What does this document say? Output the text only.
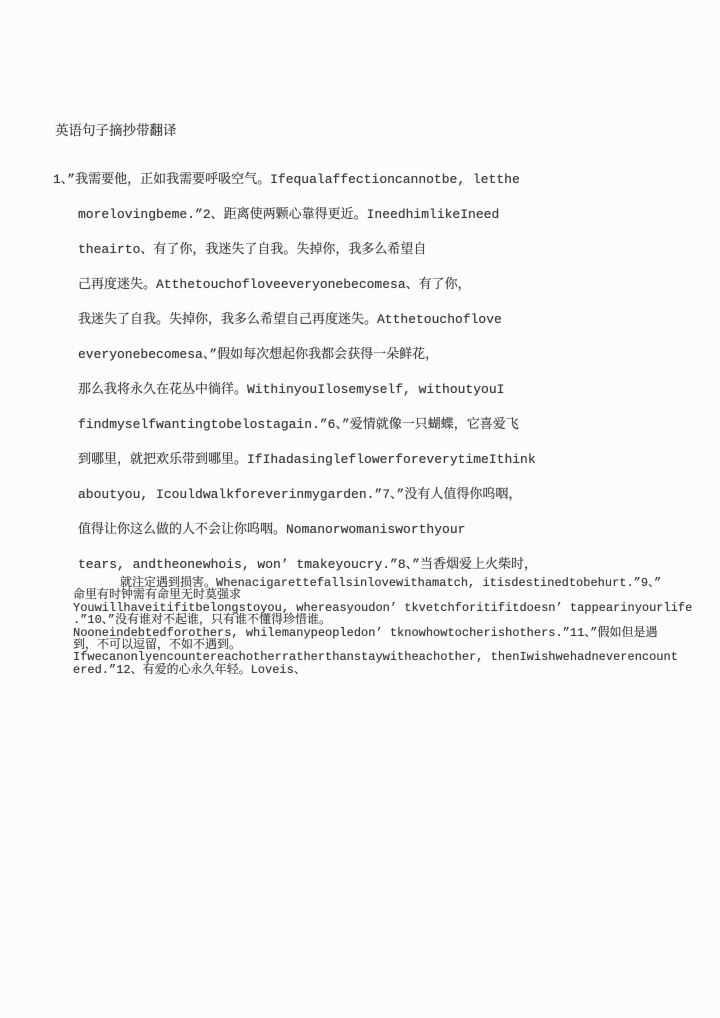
英语句子摘抄带翻译
1、”我需要他，正如我需要呼吸空气。Ifequalaffectioncannotbe, letthe
morelovingbeme.”2、距离使两颗心靠得更近。IneedhimlikeIneed
theairto、有了你，我迷失了自我。失掉你，我多么希望自
己再度迷失。Atthetouchofloveeveryonebecomesa、有了你，
我迷失了自我。失掉你，我多么希望自己再度迷失。Atthetouchoflove
everyonebecomesa、”假如每次想起你我都会获得一朵鲜花，
那么我将永久在花丛中徜徉。WithinyouIlosemyself, withoutyouI
findmyselfwantingtobelostagain.”6、”爱情就像一只蝴蝶，它喜爱飞
到哪里，就把欢乐带到哪里。IfIhadasingleflowerforeverytimeIthink
aboutyou, Icouldwalkforeverinmygarden.”7、”没有人值得你呜咽，
值得让你这么做的人不会让你呜咽。Nomanorwomanisworthyour
tears, andtheonewhois, won’ tmakeyoucry.”8、”当香烟爱上火柴时，
就注定遇到损害。Whenacigarettefallsinlovewithamatch, itisdestinedtobehurt.”9、”
命里有时钟需有命里无时莫强求
Youwillhaveitifitbelongstoyou, whereasyoudon’ tkvetchforitifitdoesn’ tappearinyourlife
.”10、”没有谁对不起谁，只有谁不懂得珍惜谁。
Nooneindebtedforothers, whilemanypeopledon’ tknowhowtocherishothers.”11、”假如但是遇
到，不可以逗留，不如不遇到。
Ifwecanonlyencountereachotherratherthanstaywitheachother, thenIwishwehadneverencount
ered.”12、有爱的心永久年轻。Loveis、
